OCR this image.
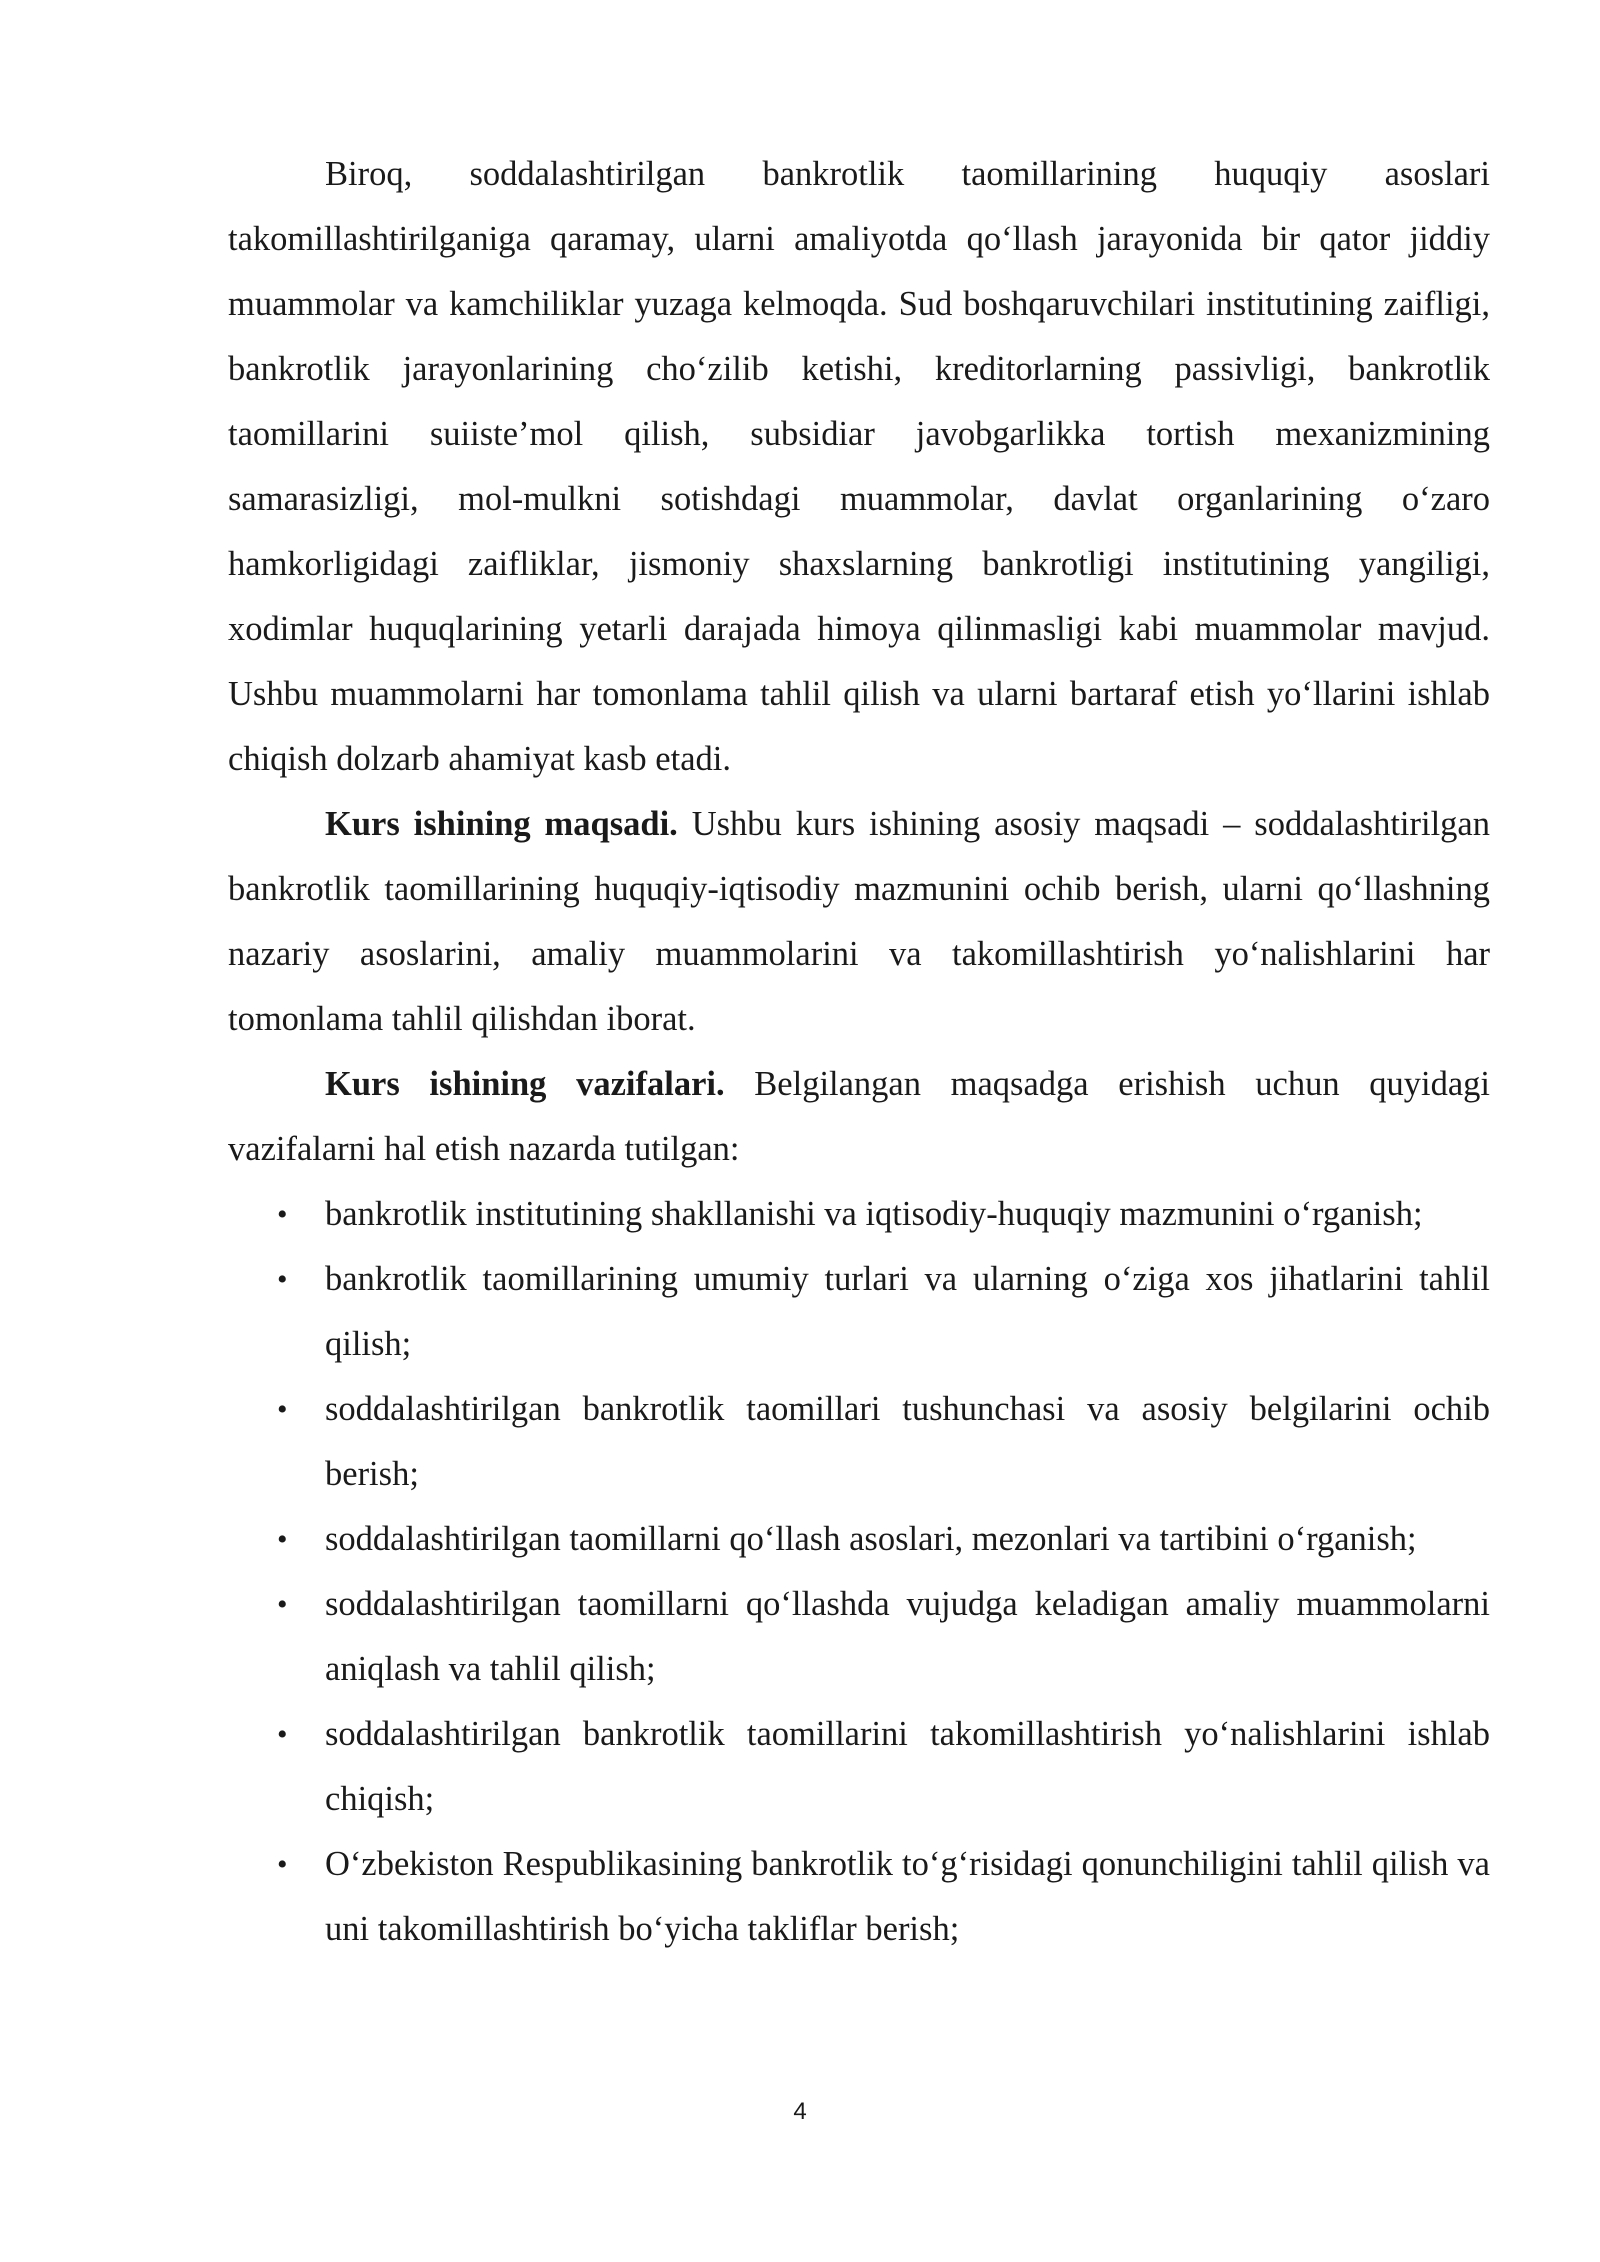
Biroq, soddalashtirilgan bankrotlik taomillarining huquqiy asoslari takomillashtirilganiga qaramay, ularni amaliyotda qo‘llash jarayonida bir qator jiddiy muammolar va kamchiliklar yuzaga kelmoqda. Sud boshqaruvchilari institutining zaifligi, bankrotlik jarayonlarining cho‘zilib ketishi, kreditorlarning passivligi, bankrotlik taomillarini suiiste’mol qilish, subsidiar javobgarlikka tortish mexanizmining samarasizligi, mol-mulkni sotishdagi muammolar, davlat organlarining o‘zaro hamkorligidagi zaifliklar, jismoniy shaxslarning bankrotligi institutining yangiligi, xodimlar huquqlarining yetarli darajada himoya qilinmasligi kabi muammolar mavjud. Ushbu muammolarni har tomonlama tahlil qilish va ularni bartaraf etish yo‘llarini ishlab chiqish dolzarb ahamiyat kasb etadi.

Kurs ishining maqsadi. Ushbu kurs ishining asosiy maqsadi – soddalashtirilgan bankrotlik taomillarining huquqiy-iqtisodiy mazmunini ochib berish, ularni qo‘llashning nazariy asoslarini, amaliy muammolarini va takomillashtirish yo‘nalishlarini har tomonlama tahlil qilishdan iborat.

Kurs ishining vazifalari. Belgilangan maqsadga erishish uchun quyidagi vazifalarni hal etish nazarda tutilgan:

• bankrotlik institutining shakllanishi va iqtisodiy-huquqiy mazmunini o‘rganish;
• bankrotlik taomillarining umumiy turlari va ularning o‘ziga xos jihatlarini tahlil qilish;
• soddalashtirilgan bankrotlik taomillari tushunchasi va asosiy belgilarini ochib berish;
• soddalashtirilgan taomillarni qo‘llash asoslari, mezonlari va tartibini o‘rganish;
• soddalashtirilgan taomillarni qo‘llashda vujudga keladigan amaliy muammolarni aniqlash va tahlil qilish;
• soddalashtirilgan bankrotlik taomillarini takomillashtirish yo‘nalishlarini ishlab chiqish;
• O‘zbekiston Respublikasining bankrotlik to‘g‘risidagi qonunchiligini tahlil qilish va uni takomillashtirish bo‘yicha takliflar berish;
4
